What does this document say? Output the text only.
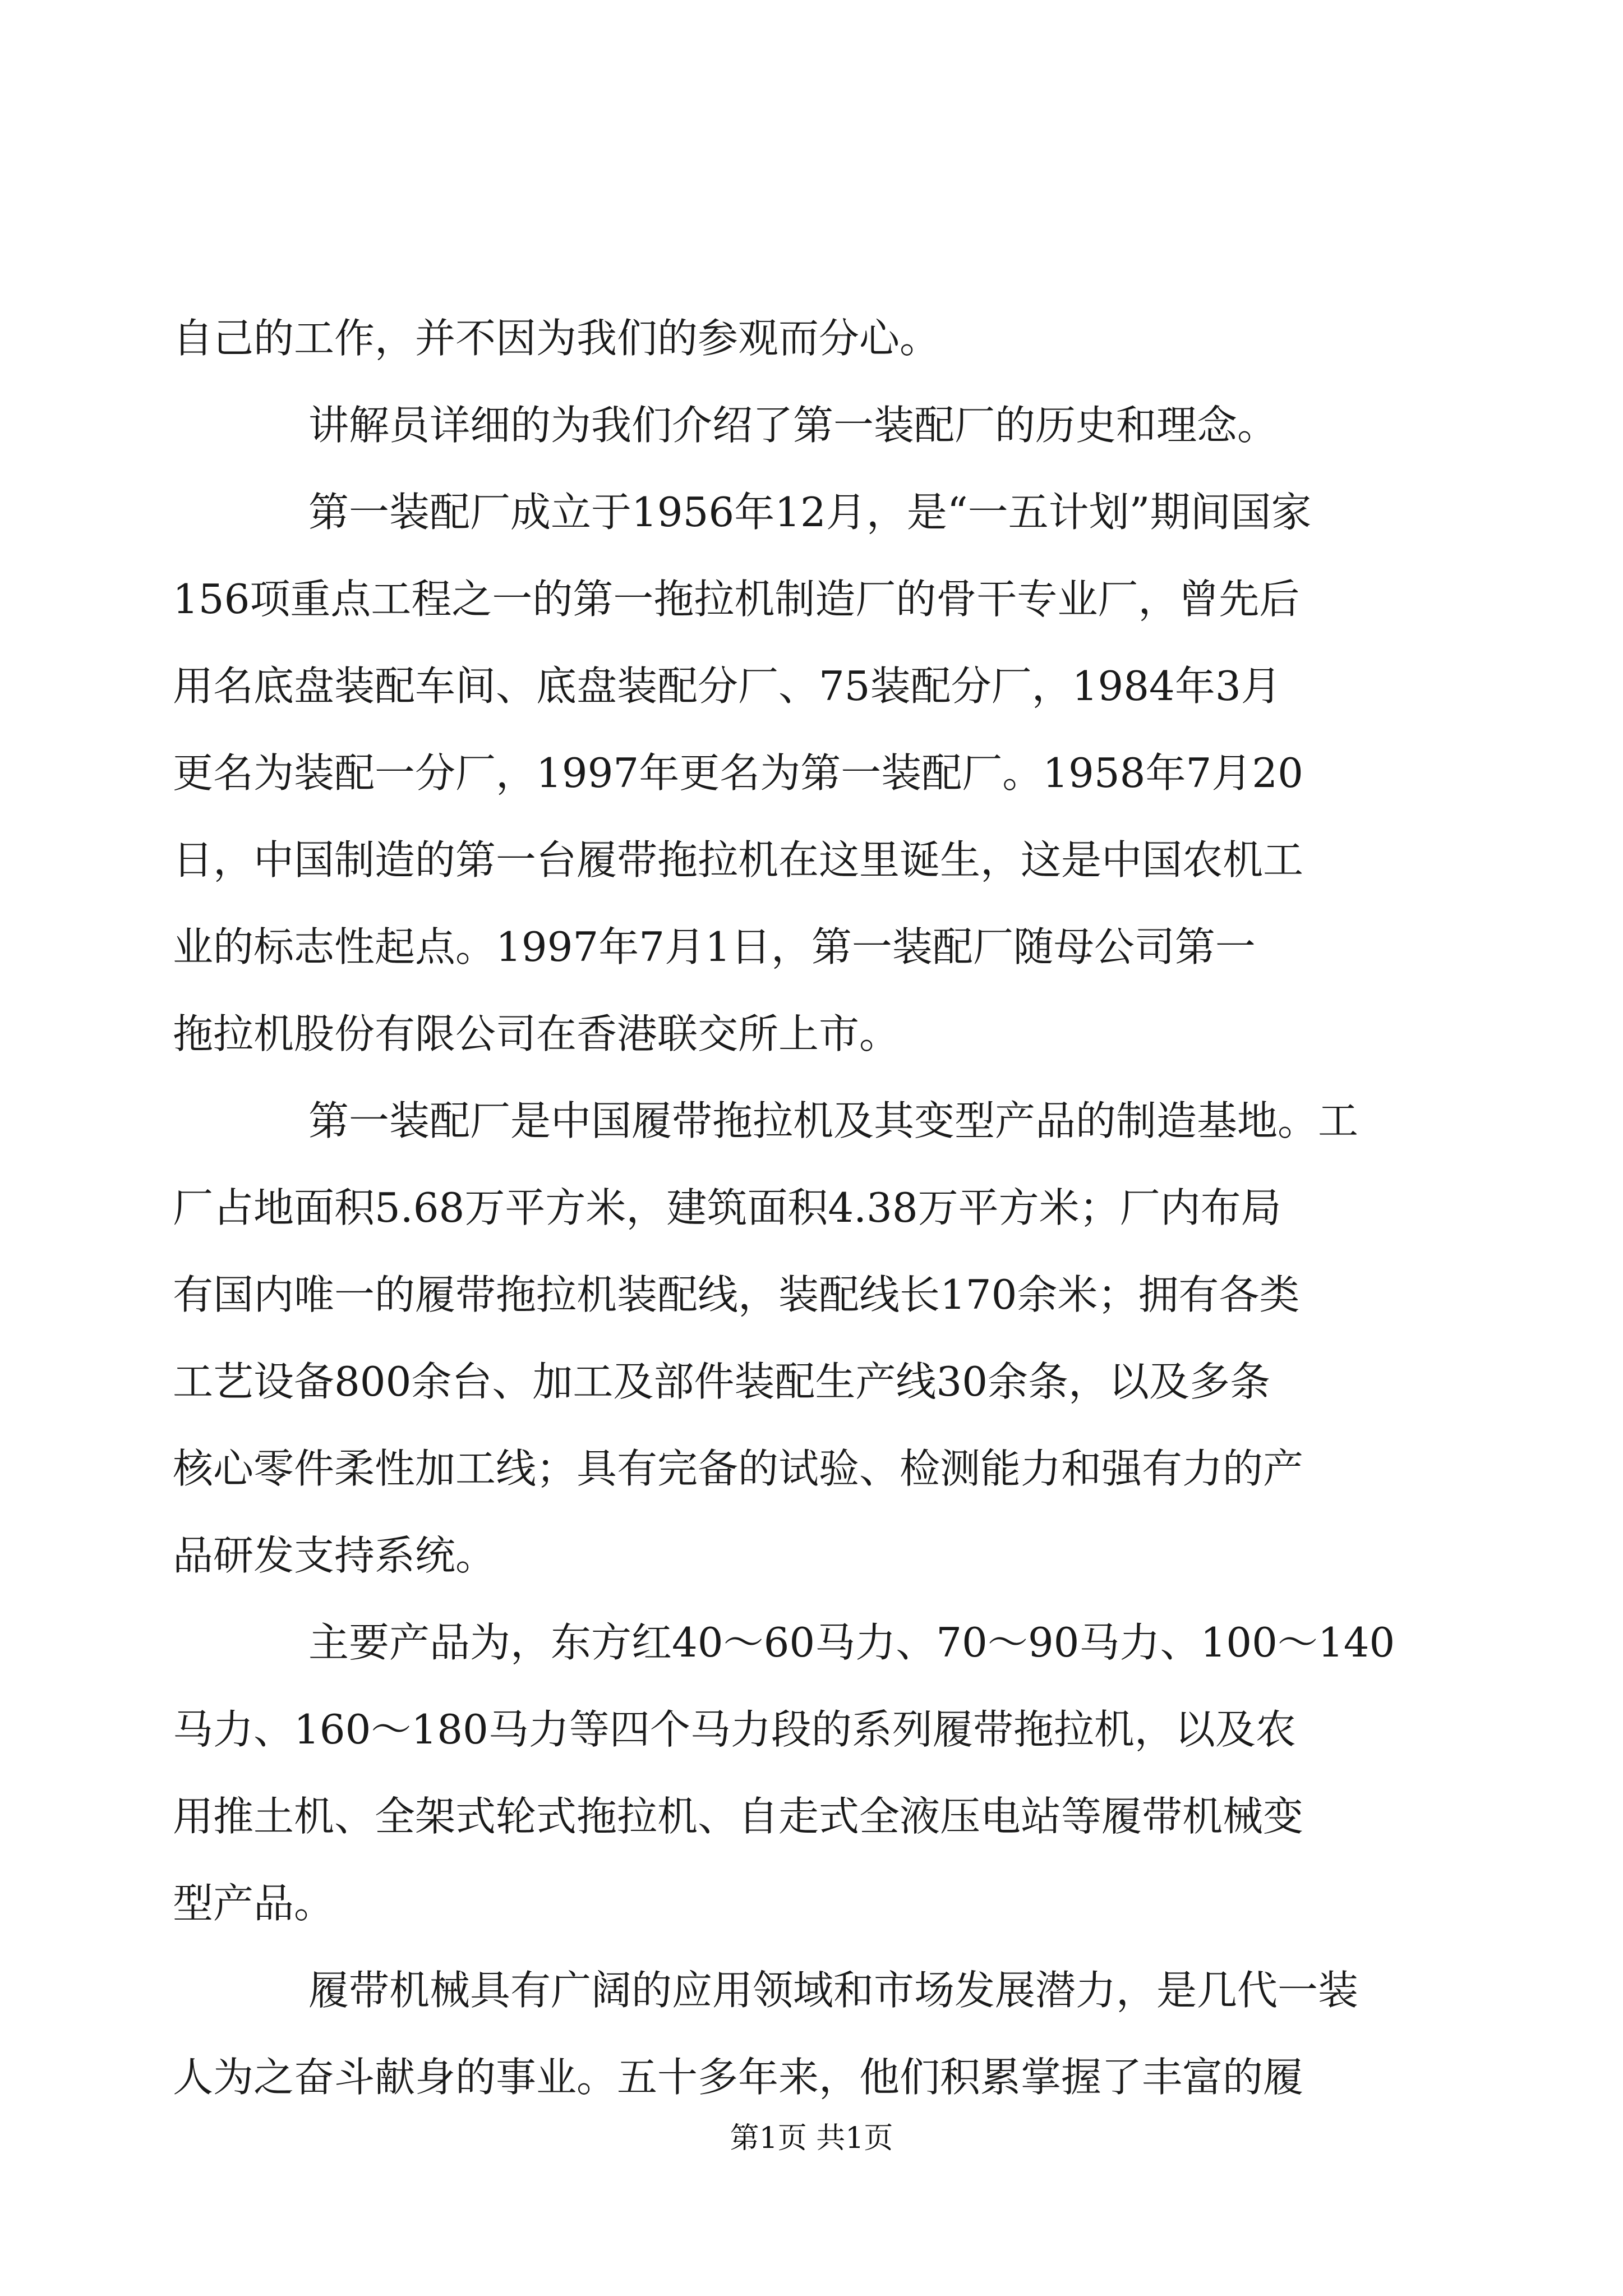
自己的工作，并不因为我们的参观而分心。
讲解员详细的为我们介绍了第一装配厂的历史和理念。
第一装配厂成立于1956年12月，是“一五计划”期间国家
156项重点工程之一的第一拖拉机制造厂的骨干专业厂，曾先后
用名底盘装配车间、底盘装配分厂、75装配分厂，1984年3月
更名为装配一分厂，1997年更名为第一装配厂。1958年7月20
日，中国制造的第一台履带拖拉机在这里诞生，这是中国农机工
业的标志性起点。1997年7月1日，第一装配厂随母公司第一
拖拉机股份有限公司在香港联交所上市。
第一装配厂是中国履带拖拉机及其变型产品的制造基地。工
厂占地面积5.68万平方米，建筑面积4.38万平方米；厂内布局
有国内唯一的履带拖拉机装配线，装配线长170余米；拥有各类
工艺设备800余台、加工及部件装配生产线30余条，以及多条
核心零件柔性加工线；具有完备的试验、检测能力和强有力的产
品研发支持系统。
主要产品为，东方红40～60马力、70～90马力、100～140
马力、160～180马力等四个马力段的系列履带拖拉机，以及农
用推土机、全架式轮式拖拉机、自走式全液压电站等履带机械变
型产品。
履带机械具有广阔的应用领域和市场发展潜力，是几代一装
人为之奋斗献身的事业。五十多年来，他们积累掌握了丰富的履
第1页 共1页
